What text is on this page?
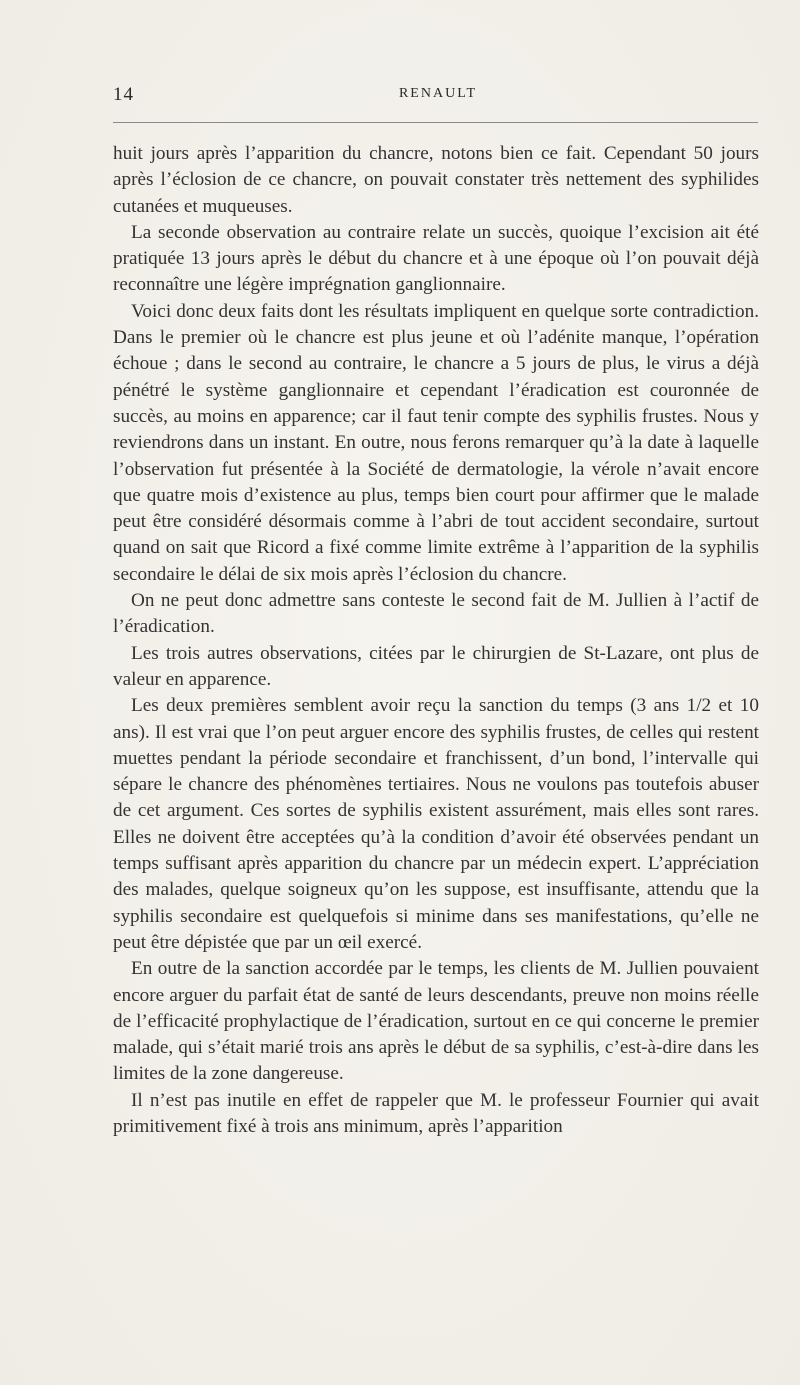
14	RENAULT

huit jours après l’apparition du chancre, notons bien ce fait. Cependant 50 jours après l’éclosion de ce chancre, on pouvait constater très nettement des syphilides cutanées et muqueuses.

La seconde observation au contraire relate un succès, quoique l’excision ait été pratiquée 13 jours après le début du chancre et à une époque où l’on pouvait déjà reconnaître une légère imprégnation ganglionnaire.

Voici donc deux faits dont les résultats impliquent en quelque sorte contradiction. Dans le premier où le chancre est plus jeune et où l’adénite manque, l’opération échoue ; dans le second au contraire, le chancre a 5 jours de plus, le virus a déjà pénétré le système ganglionnaire et cependant l’éradication est couronnée de succès, au moins en apparence; car il faut tenir compte des syphilis frustes. Nous y reviendrons dans un instant. En outre, nous ferons remarquer qu’à la date à laquelle l’observation fut présentée à la Société de dermatologie, la vérole n’avait encore que quatre mois d’existence au plus, temps bien court pour affirmer que le malade peut être considéré désormais comme à l’abri de tout accident secondaire, surtout quand on sait que Ricord a fixé comme limite extrême à l’apparition de la syphilis secondaire le délai de six mois après l’éclosion du chancre.

On ne peut donc admettre sans conteste le second fait de M. Jullien à l’actif de l’éradication.

Les trois autres observations, citées par le chirurgien de St-Lazare, ont plus de valeur en apparence.

Les deux premières semblent avoir reçu la sanction du temps (3 ans 1/2 et 10 ans). Il est vrai que l’on peut arguer encore des syphilis frustes, de celles qui restent muettes pendant la période secondaire et franchissent, d’un bond, l’intervalle qui sépare le chancre des phénomènes tertiaires. Nous ne voulons pas toutefois abuser de cet argument. Ces sortes de syphilis existent assurément, mais elles sont rares. Elles ne doivent être acceptées qu’à la condition d’avoir été observées pendant un temps suffisant après apparition du chancre par un médecin expert. L’appréciation des malades, quelque soigneux qu’on les suppose, est insuffisante, attendu que la syphilis secondaire est quelquefois si minime dans ses manifestations, qu’elle ne peut être dépistée que par un œil exercé.

En outre de la sanction accordée par le temps, les clients de M. Jullien pouvaient encore arguer du parfait état de santé de leurs descendants, preuve non moins réelle de l’efficacité prophylactique de l’éradication, surtout en ce qui concerne le premier malade, qui s’était marié trois ans après le début de sa syphilis, c’est-à-dire dans les limites de la zone dangereuse.

Il n’est pas inutile en effet de rappeler que M. le professeur Fournier qui avait primitivement fixé à trois ans minimum, après l’apparition
